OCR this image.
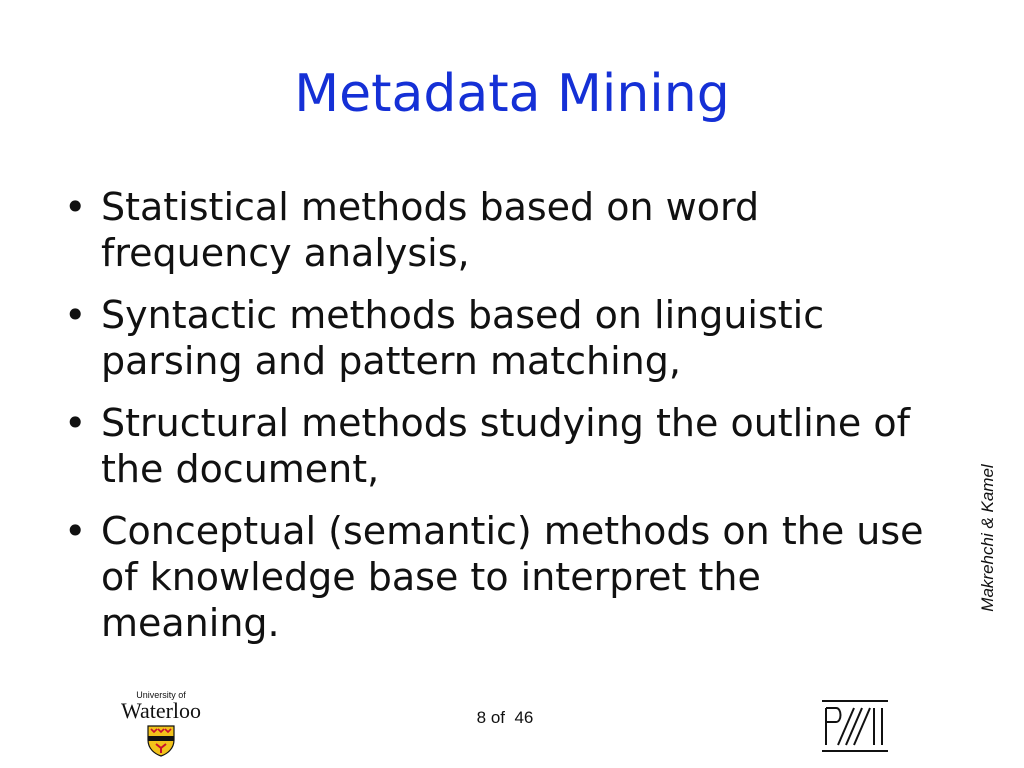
Metadata Mining
• Statistical methods based on word frequency analysis,
• Syntactic methods based on linguistic parsing and pattern matching,
• Structural methods studying the outline of the document,
• Conceptual (semantic) methods on the use of knowledge base to interpret the meaning.
Makrehchi & Kamel
University of
Waterloo	8 of  46
